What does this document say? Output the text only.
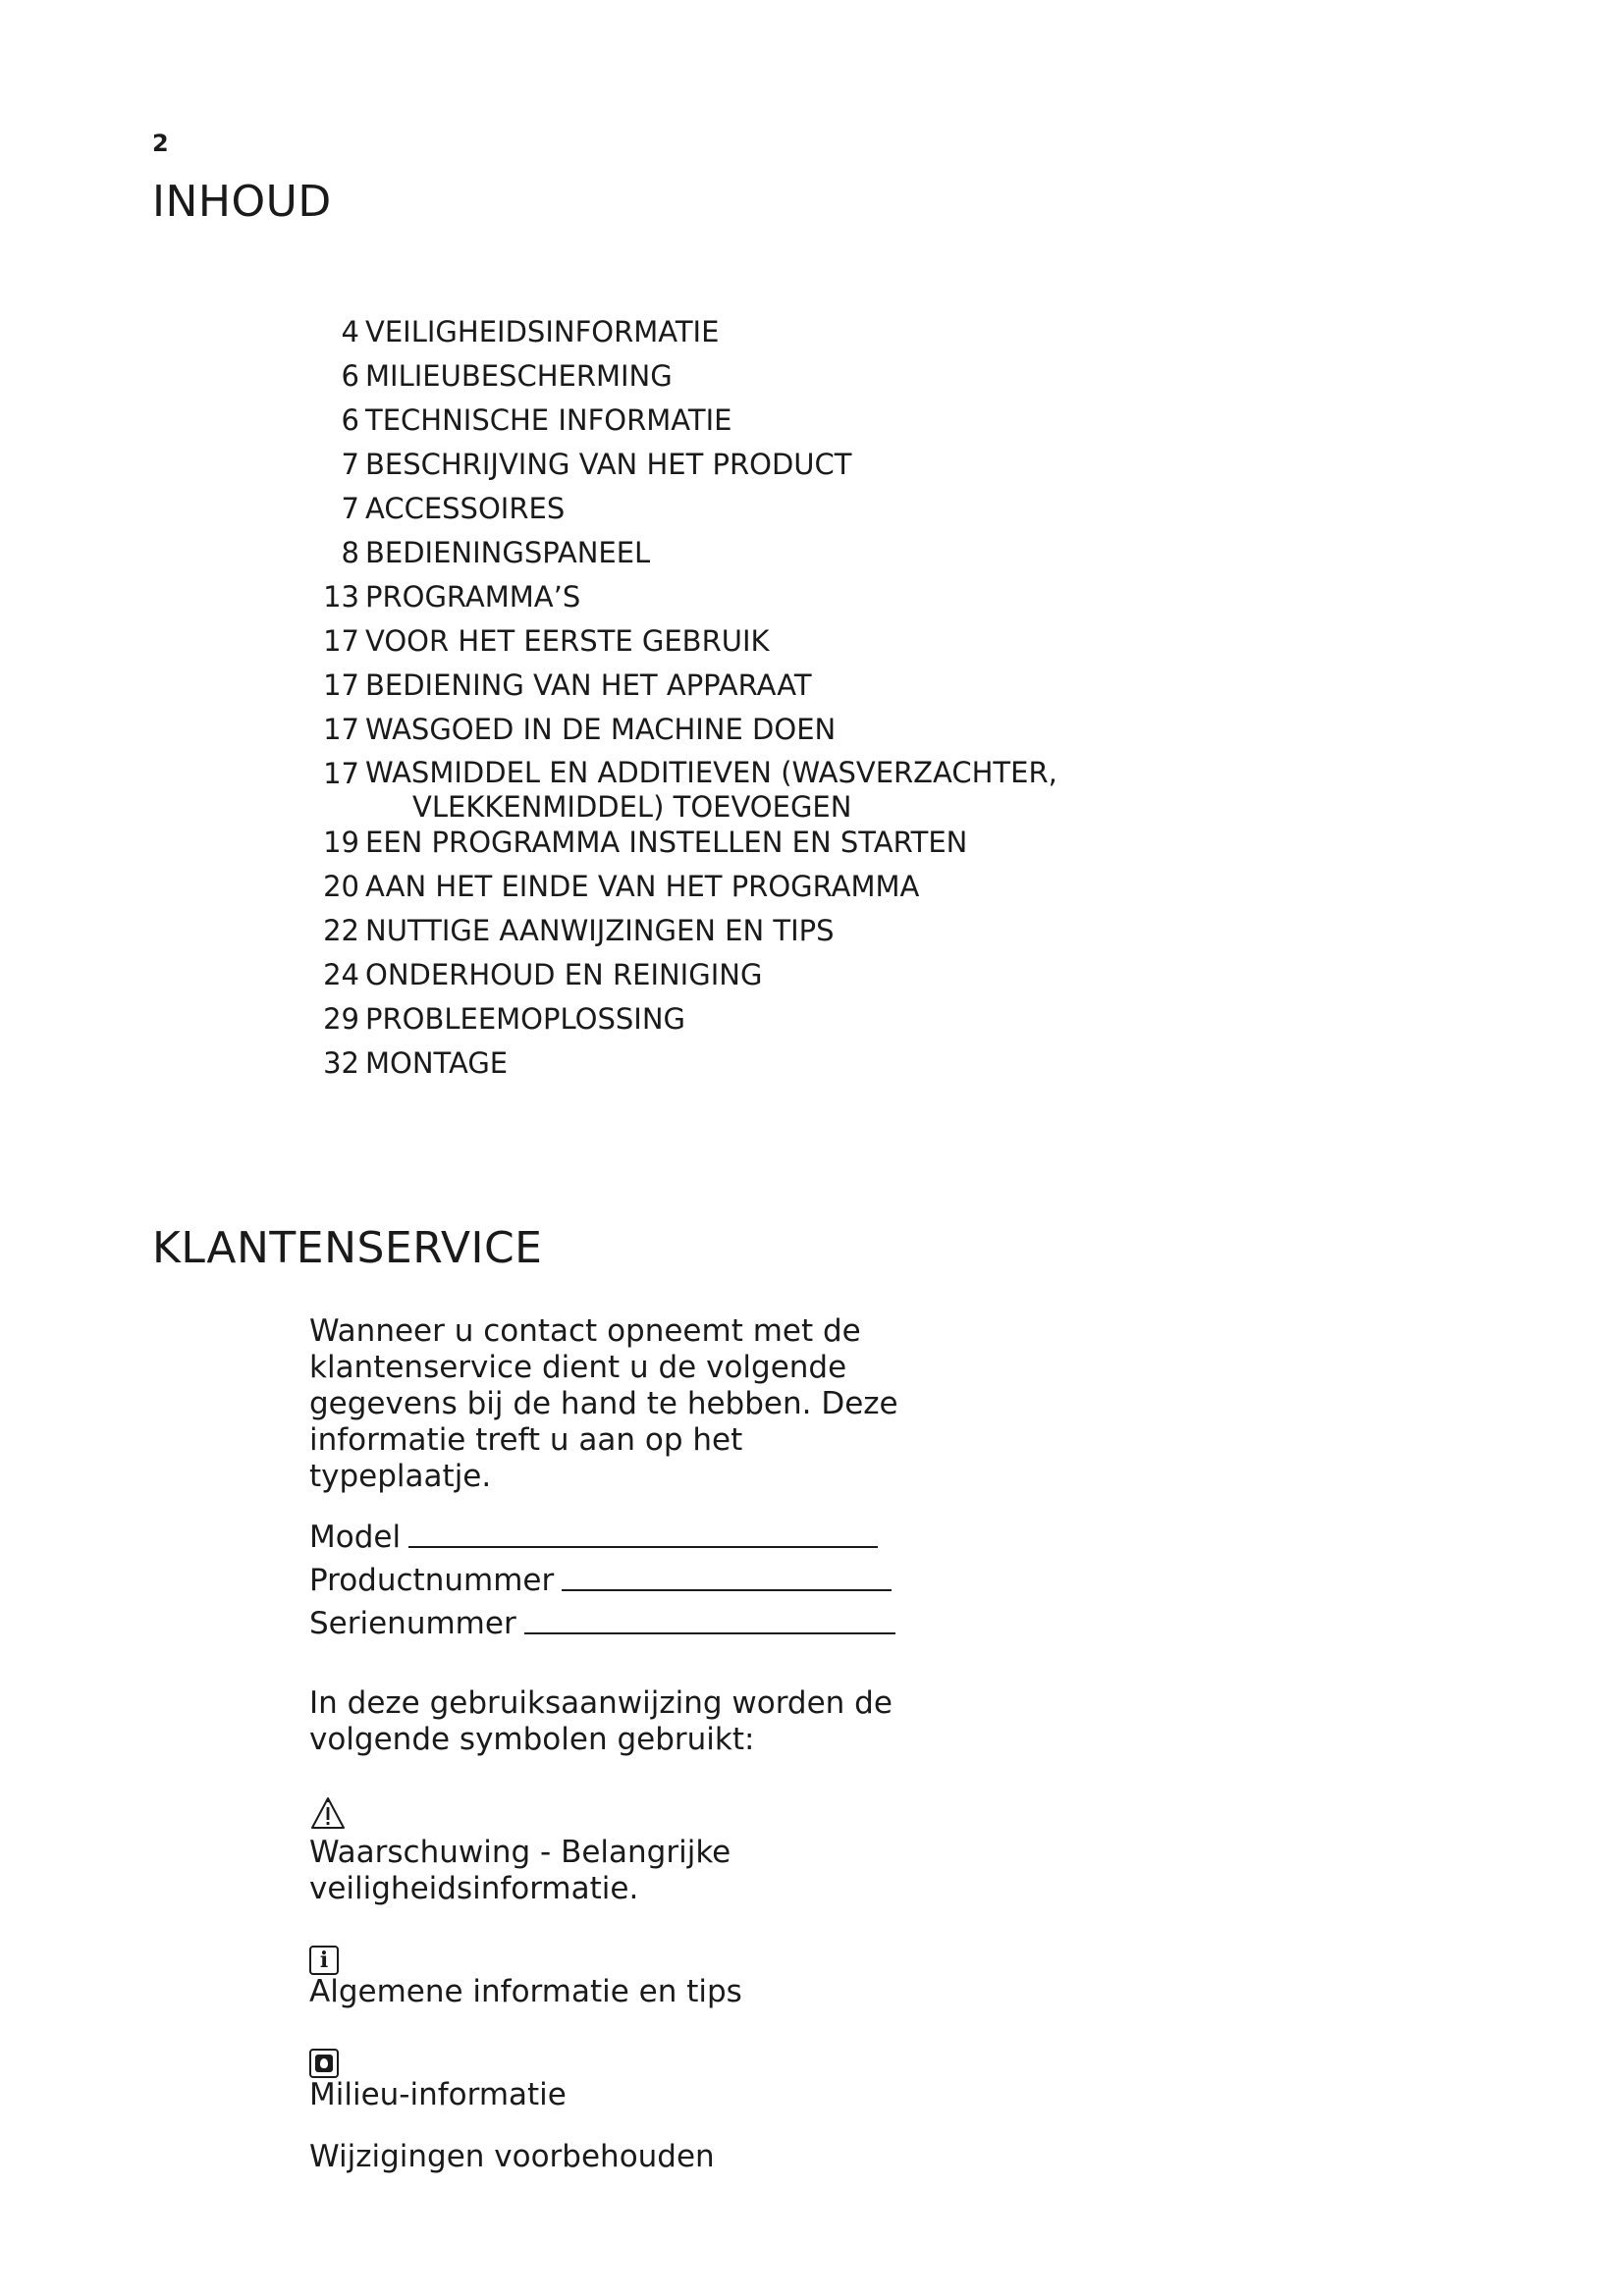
2
INHOUD
4 VEILIGHEIDSINFORMATIE
6 MILIEUBESCHERMING
6 TECHNISCHE INFORMATIE
7 BESCHRIJVING VAN HET PRODUCT
7 ACCESSOIRES
8 BEDIENINGSPANEEL
13 PROGRAMMA’S
17 VOOR HET EERSTE GEBRUIK
17 BEDIENING VAN HET APPARAAT
17 WASGOED IN DE MACHINE DOEN
17 WASMIDDEL EN ADDITIEVEN (WASVERZACHTER,
VLEKKENMIDDEL) TOEVOEGEN
19 EEN PROGRAMMA INSTELLEN EN STARTEN
20 AAN HET EINDE VAN HET PROGRAMMA
22 NUTTIGE AANWIJZINGEN EN TIPS
24 ONDERHOUD EN REINIGING
29 PROBLEEMOPLOSSING
32 MONTAGE
KLANTENSERVICE

Wanneer u contact opneemt met de klantenservice dient u de volgende gegevens bij de hand te hebben. Deze informatie treft u aan op het typeplaatje.

Model
Productnummer
Serienummer

In deze gebruiksaanwijzing worden de volgende symbolen gebruikt:

Waarschuwing - Belangrijke veiligheidsinformatie.
i
Algemene informatie en tips
Milieu-informatie
Wijzigingen voorbehouden
